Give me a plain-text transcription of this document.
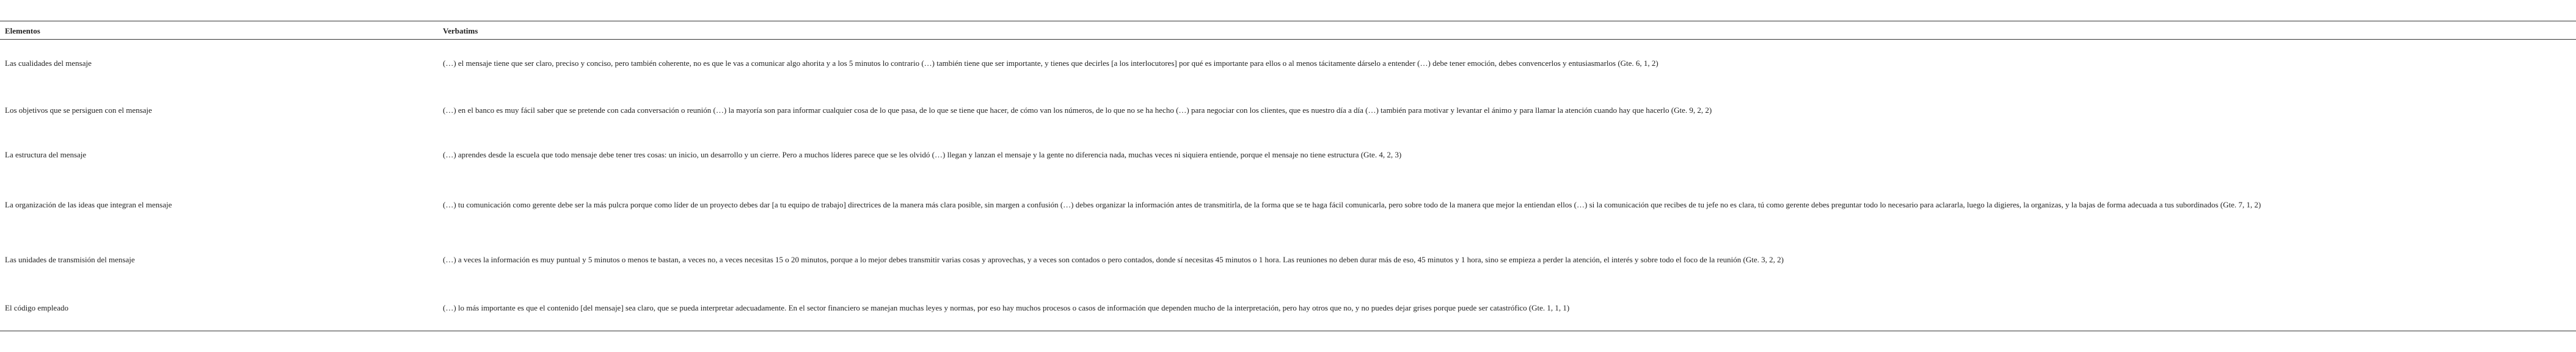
Elementos	Verbatims
Las cualidades del mensaje	(…) el mensaje tiene que ser claro, preciso y conciso, pero también coherente, no es que le vas a comunicar algo ahorita y a los 5 minutos lo contrario (…) también tiene que ser importante, y tienes que decirles [a los interlocutores] por qué es importante para ellos o al menos tácitamente dárselo a entender (…) debe tener emoción, debes convencerlos y entusiasmarlos (Gte. 6, 1, 2)
Los objetivos que se persiguen con el mensaje	(…) en el banco es muy fácil saber que se pretende con cada conversación o reunión (…) la mayoría son para informar cualquier cosa de lo que pasa, de lo que se tiene que hacer, de cómo van los números, de lo que no se ha hecho (…) para negociar con los clientes, que es nuestro día a día (…) también para motivar y levantar el ánimo y para llamar la atención cuando hay que hacerlo (Gte. 9, 2, 2)
La estructura del mensaje	(…) aprendes desde la escuela que todo mensaje debe tener tres cosas: un inicio, un desarrollo y un cierre. Pero a muchos líderes parece que se les olvidó (…) llegan y lanzan el mensaje y la gente no diferencia nada, muchas veces ni siquiera entiende, porque el mensaje no tiene estructura (Gte. 4, 2, 3)
La organización de las ideas que integran el mensaje	(…) tu comunicación como gerente debe ser la más pulcra porque como líder de un proyecto debes dar [a tu equipo de trabajo] directrices de la manera más clara posible, sin margen a confusión (…) debes organizar la información antes de transmitirla, de la forma que se te haga fácil comunicarla, pero sobre todo de la manera que mejor la entiendan ellos (…) si la comunicación que recibes de tu jefe no es clara, tú como gerente debes preguntar todo lo necesario para aclararla, luego la digieres, la organizas, y la bajas de forma adecuada a tus subordinados (Gte. 7, 1, 2)
Las unidades de transmisión del mensaje	(…) a veces la información es muy puntual y 5 minutos o menos te bastan, a veces no, a veces necesitas 15 o 20 minutos, porque a lo mejor debes transmitir varias cosas y aprovechas, y a veces son contados o pero contados, donde sí necesitas 45 minutos o 1 hora. Las reuniones no deben durar más de eso, 45 minutos y 1 hora, sino se empieza a perder la atención, el interés y sobre todo el foco de la reunión (Gte. 3, 2, 2)
El código empleado	(…) lo más importante es que el contenido [del mensaje] sea claro, que se pueda interpretar adecuadamente. En el sector financiero se manejan muchas leyes y normas, por eso hay muchos procesos o casos de información que dependen mucho de la interpretación, pero hay otros que no, y no puedes dejar grises porque puede ser catastrófico (Gte. 1, 1, 1)
